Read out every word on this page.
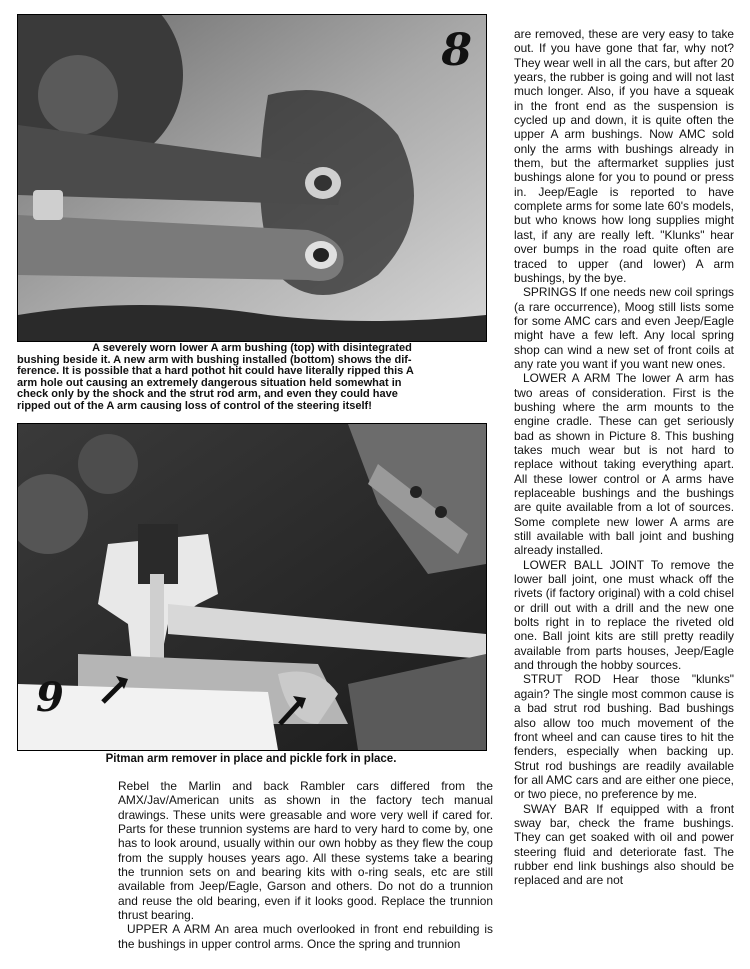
8

A severely worn lower A arm bushing (top) with disintegrated

bushing beside it. A new arm with bushing installed (bottom) shows the dif-

ference. It is possible that a hard pothot hit could have literally ripped this A

arm hole out causing an extremely dangerous situation held somewhat in

check only by the shock and the strut rod arm, and even they could have

ripped out of the A arm causing loss of control of the steering itself!

9
Pitman arm remover in place and pickle fork in place.

are removed, these are very easy to take out. If you have gone that far, why not? They wear well in all the cars, but after 20 years, the rubber is going and will not last much longer. Also, if you have a squeak in the front end as the suspension is cycled up and down, it is quite often the upper A arm bushings. Now AMC sold only the arms with bushings already in them, but the aftermarket supplies just bushings alone for you to pound or press in. Jeep/Eagle is reported to have complete arms for some late 60's models, but who knows how long supplies might last, if any are really left. "Klunks" hear over bumps in the road quite often are traced to upper (and lower) A arm bushings, by the bye.

SPRINGS If one needs new coil springs (a rare occurrence), Moog still lists some for some AMC cars and even Jeep/Eagle might have a few left. Any local spring shop can wind a new set of front coils at any rate you want if you want new ones.

LOWER A ARM The lower A arm has two areas of consideration. First is the bushing where the arm mounts to the engine cradle. These can get seriously bad as shown in Picture 8. This bushing takes much wear but is not hard to replace without taking everything apart. All these lower control or A arms have replaceable bushings and the bushings are quite available from a lot of sources. Some complete new lower A arms are still available with ball joint and bushing already installed.

LOWER BALL JOINT To remove the lower ball joint, one must whack off the rivets (if factory original) with a cold chisel or drill out with a drill and the new one bolts right in to replace the riveted old one. Ball joint kits are still pretty readily available from parts houses, Jeep/Eagle and through the hobby sources.

STRUT ROD Hear those "klunks" again? The single most common cause is a bad strut rod bushing. Bad bushings also allow too much movement of the front wheel and can cause tires to hit the fenders, especially when backing up. Strut rod bushings are readily available for all AMC cars and are either one piece, or two piece, no preference by me.

SWAY BAR If equipped with a front sway bar, check the frame bushings. They can get soaked with oil and power steering fluid and deteriorate fast. The rubber end link bushings also should be replaced and are not

Rebel the Marlin and back Rambler cars differed from the AMX/Jav/American units as shown in the factory tech manual drawings. These units were greasable and wore very well if cared for. Parts for these trunnion systems are hard to very hard to come by, one has to look around, usually within our own hobby as they flew the coup from the supply houses years ago. All these systems take a bearing the trunnion sets on and bearing kits with o-ring seals, etc are still available from Jeep/Eagle, Garson and others. Do not do a trunnion and reuse the old bearing, even if it looks good. Replace the trunnion thrust bearing.

UPPER A ARM An area much overlooked in front end rebuilding is the bushings in upper control arms. Once the spring and trunnion
